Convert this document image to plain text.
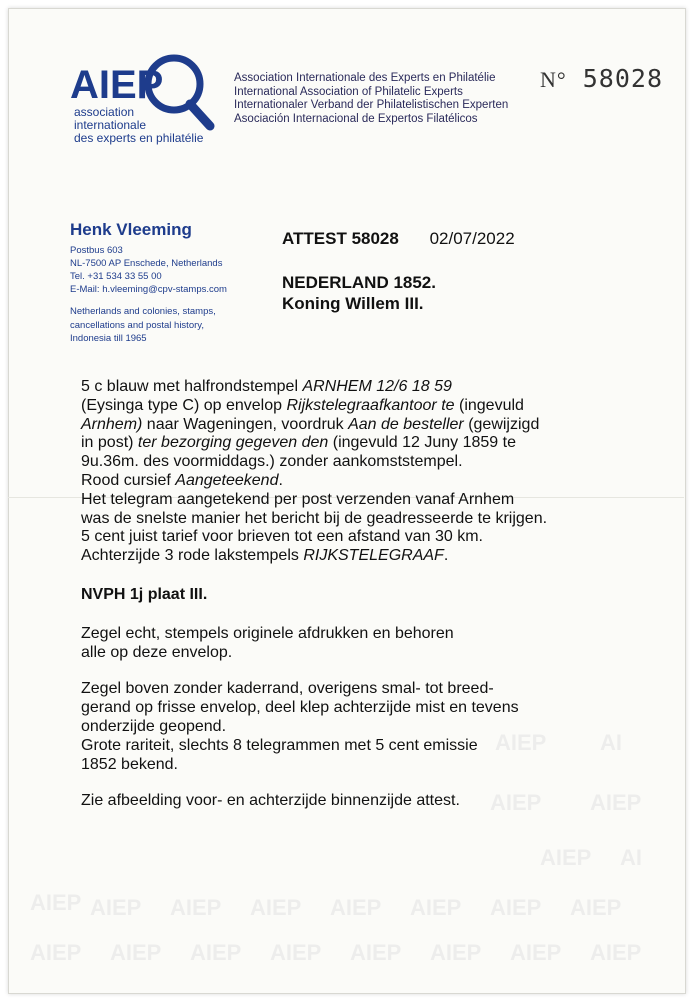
AIEP AI
AIEP AIEP
AIEP AI
AIEP AIEP AIEP AIEP AIEP AIEP AIEP AIEP
AIEP AIEP AIEP AIEP AIEP AIEP AIEP AIEP
AIEP
association
internationale
des experts en philatélie
Association Internationale des Experts en Philatélie
International Association of Philatelic Experts
Internationaler Verband der Philatelistischen Experten
Asociación Internacional de Expertos Filatélicos
N° 58028
Henk Vleeming
Postbus 603
NL-7500 AP Enschede, Netherlands
Tel. +31 534 33 55 00
E-Mail: h.vleeming@cpv-stamps.com
Netherlands and colonies, stamps,
cancellations and postal history,
Indonesia till 1965
ATTEST 58028 02/07/2022
NEDERLAND 1852.
Koning Willem III.

5 c blauw met halfrondstempel ARNHEM 12/6 18 59

(Eysinga type C) op envelop Rijkstelegraafkantoor te (ingevuld

Arnhem) naar Wageningen, voordruk Aan de besteller (gewijzigd

in post) ter bezorging gegeven den (ingevuld 12 Juny 1859 te

9u.36m. des voormiddags.) zonder aankomststempel.

Rood cursief Aangeteekend.

Het telegram aangetekend per post verzenden vanaf Arnhem

was de snelste manier het bericht bij de geadresseerde te krijgen.

5 cent juist tarief voor brieven tot een afstand van 30 km.

Achterzijde 3 rode lakstempels RIJKSTELEGRAAF.

NVPH 1j plaat III.

Zegel echt, stempels originele afdrukken en behoren

alle op deze envelop.

Zegel boven zonder kaderrand, overigens smal- tot breed-

gerand op frisse envelop, deel klep achterzijde mist en tevens

onderzijde geopend.

Grote rariteit, slechts 8 telegrammen met 5 cent emissie

1852 bekend.

Zie afbeelding voor- en achterzijde binnenzijde attest.
